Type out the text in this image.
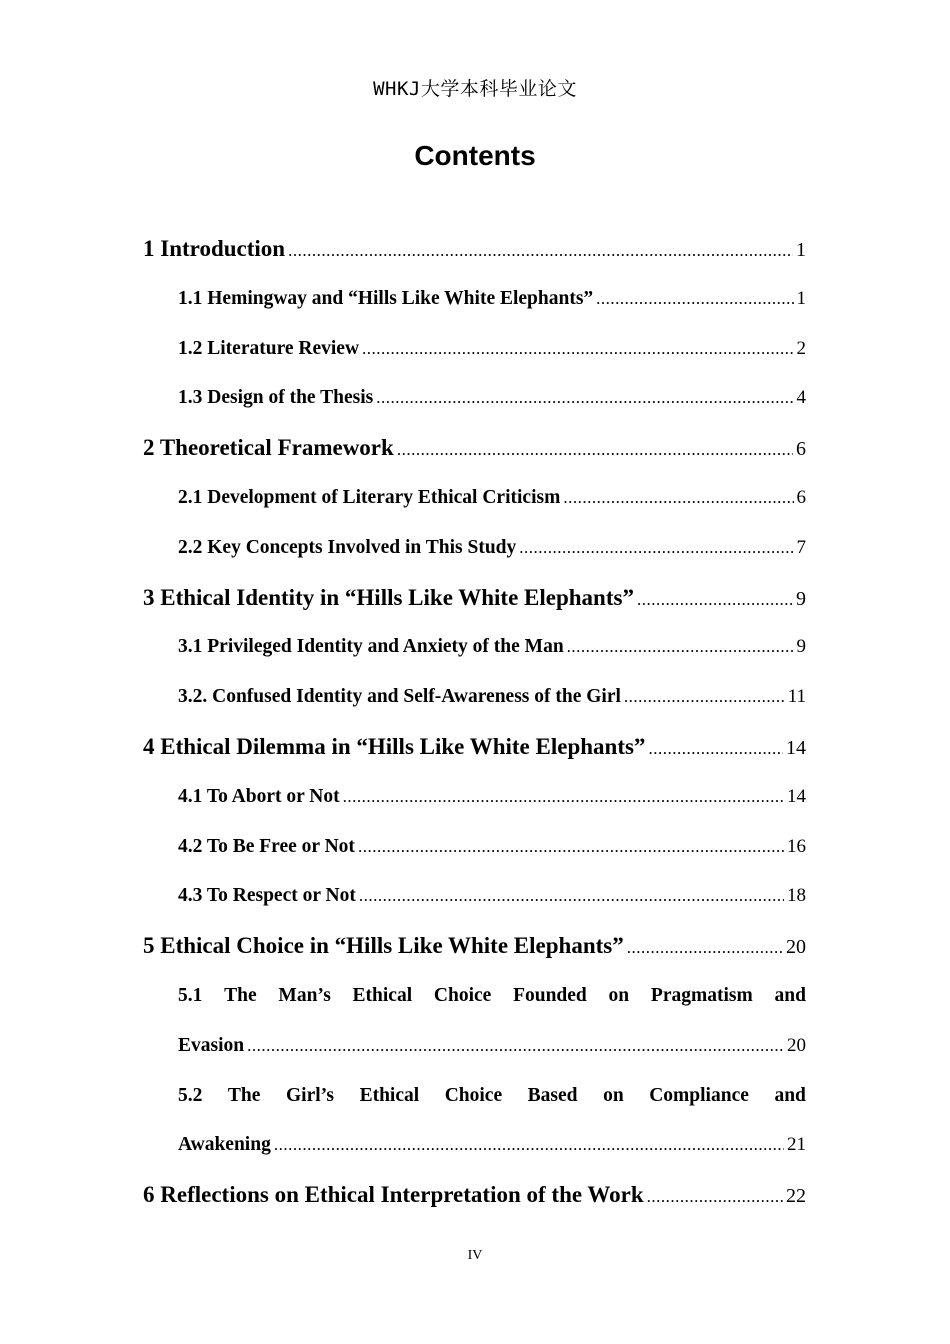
WHKJ大学本科毕业论文
Contents
1 Introduction .....	1
1.1 Hemingway and “Hills Like White Elephants” .....	1
1.2 Literature Review .....	2
1.3 Design of the Thesis .....	4
2 Theoretical Framework .....	6
2.1 Development of Literary Ethical Criticism .....	6
2.2 Key Concepts Involved in This Study .....	7
3 Ethical Identity in “Hills Like White Elephants” .....	9
3.1 Privileged Identity and Anxiety of the Man .....	9
3.2. Confused Identity and Self-Awareness of the Girl .....	11
4 Ethical Dilemma in “Hills Like White Elephants” .....	14
4.1 To Abort or Not .....	14
4.2 To Be Free or Not .....	16
4.3 To Respect or Not .....	18
5 Ethical Choice in “Hills Like White Elephants” .....	20
5.1 The Man’s Ethical Choice Founded on Pragmatism and
Evasion .....	20
5.2 The Girl’s Ethical Choice Based on Compliance and
Awakening .....	21
6 Reflections on Ethical Interpretation of the Work .....	22
IV
